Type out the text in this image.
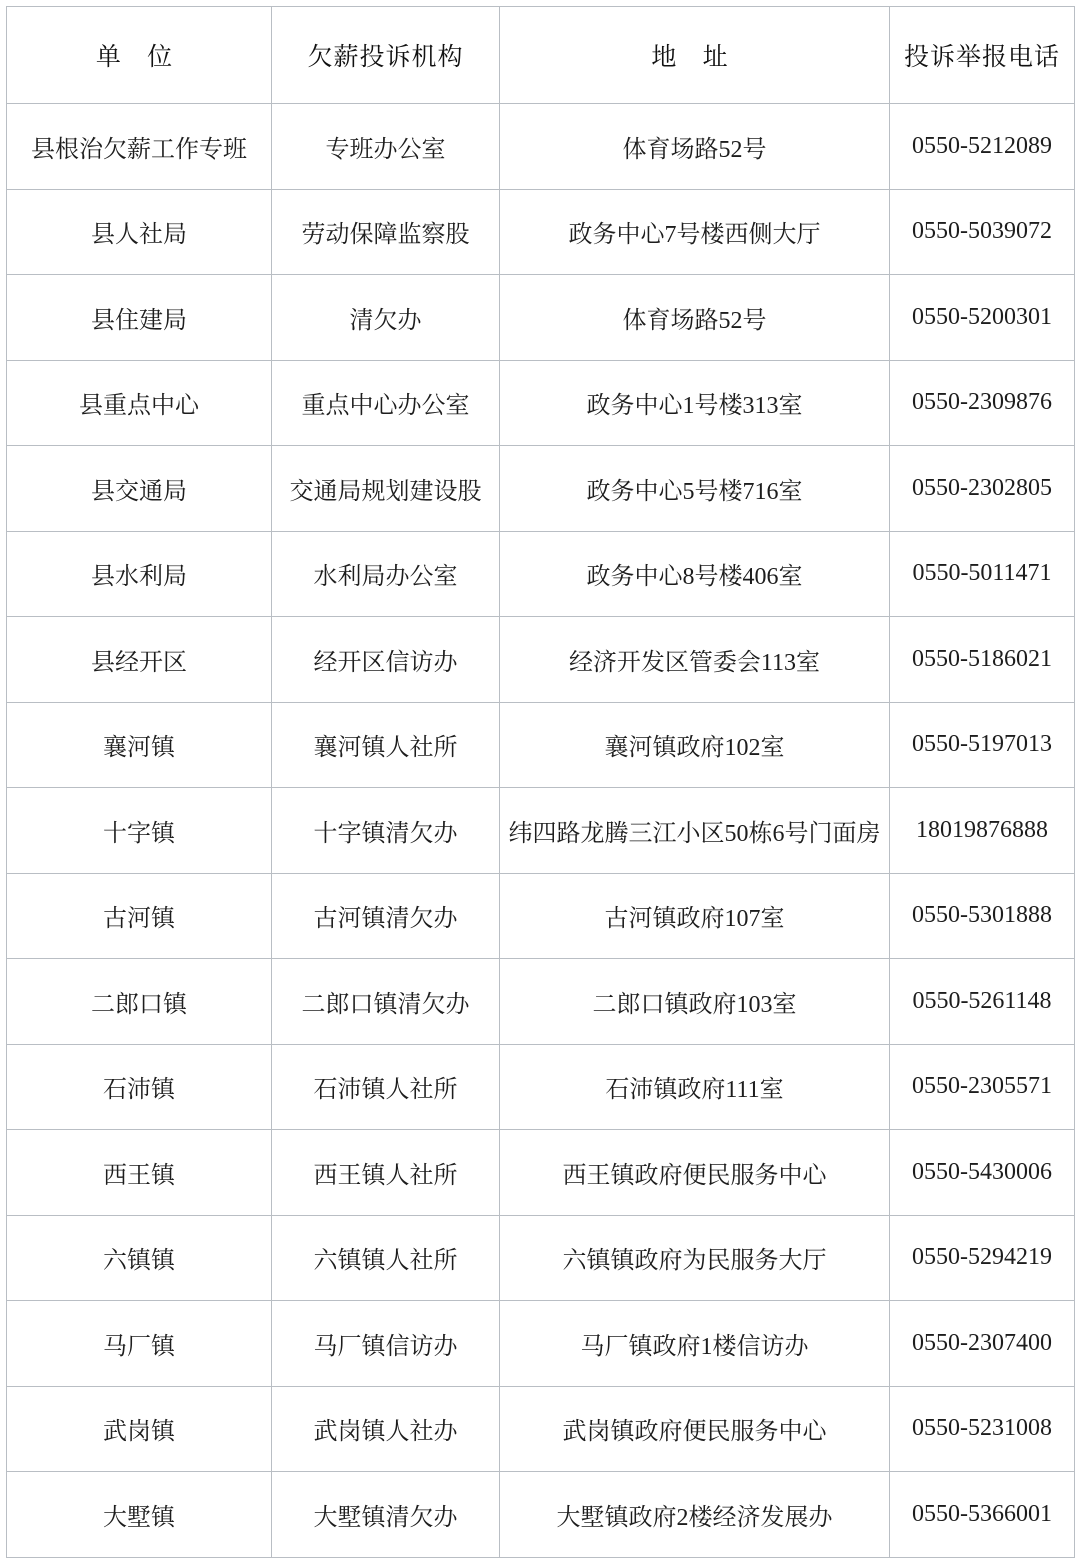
单 位	欠薪投诉机构	地 址	投诉举报电话
县根治欠薪工作专班	专班办公室	体育场路52号	0550-5212089
县人社局	劳动保障监察股	政务中心7号楼西侧大厅	0550-5039072
县住建局	清欠办	体育场路52号	0550-5200301
县重点中心	重点中心办公室	政务中心1号楼313室	0550-2309876
县交通局	交通局规划建设股	政务中心5号楼716室	0550-2302805
县水利局	水利局办公室	政务中心8号楼406室	0550-5011471
县经开区	经开区信访办	经济开发区管委会113室	0550-5186021
襄河镇	襄河镇人社所	襄河镇政府102室	0550-5197013
十字镇	十字镇清欠办	纬四路龙腾三江小区50栋6号门面房	18019876888
古河镇	古河镇清欠办	古河镇政府107室	0550-5301888
二郎口镇	二郎口镇清欠办	二郎口镇政府103室	0550-5261148
石沛镇	石沛镇人社所	石沛镇政府111室	0550-2305571
西王镇	西王镇人社所	西王镇政府便民服务中心	0550-5430006
六镇镇	六镇镇人社所	六镇镇政府为民服务大厅	0550-5294219
马厂镇	马厂镇信访办	马厂镇政府1楼信访办	0550-2307400
武岗镇	武岗镇人社办	武岗镇政府便民服务中心	0550-5231008
大墅镇	大墅镇清欠办	大墅镇政府2楼经济发展办	0550-5366001
